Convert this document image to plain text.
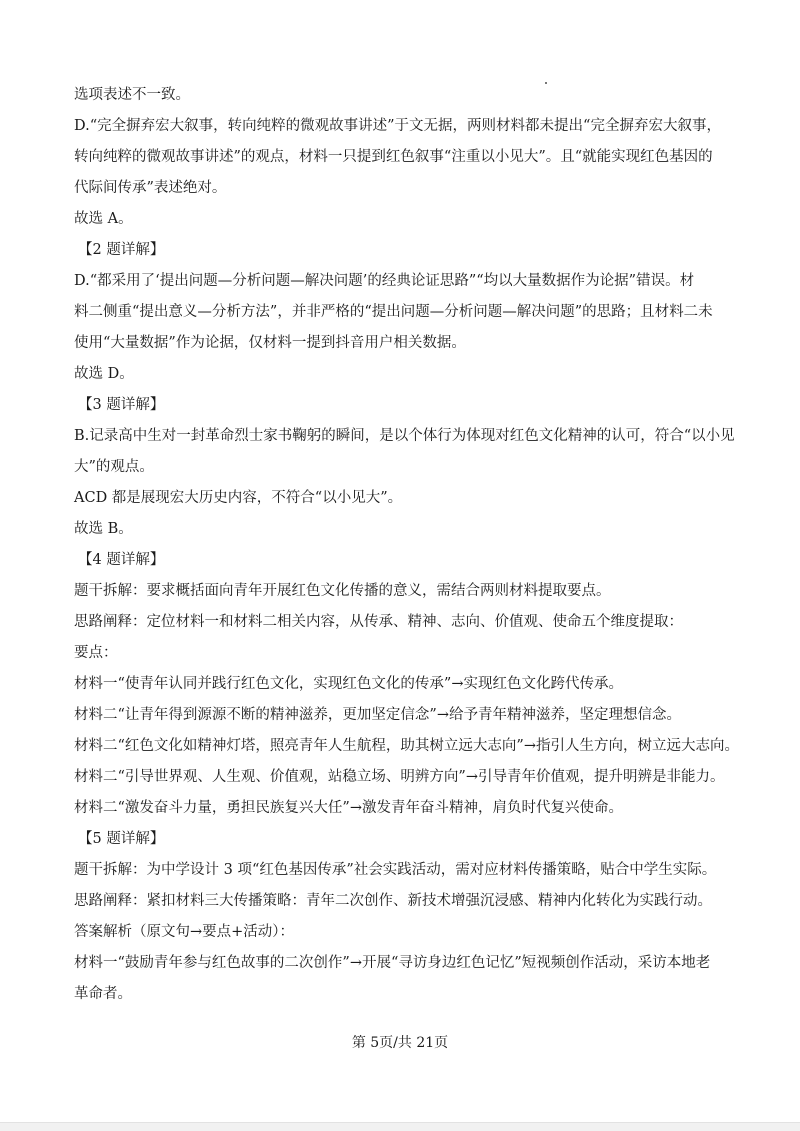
选项表述不一致。
D.“完全摒弃宏大叙事，转向纯粹的微观故事讲述”于文无据，两则材料都未提出“完全摒弃宏大叙事，
转向纯粹的微观故事讲述”的观点，材料一只提到红色叙事“注重以小见大”。且“就能实现红色基因的
代际间传承”表述绝对。
故选 A。
【2 题详解】
D.“都采用了‘提出问题—分析问题—解决问题’的经典论证思路”“均以大量数据作为论据”错误。材
料二侧重“提出意义—分析方法”，并非严格的“提出问题—分析问题—解决问题”的思路；且材料二未
使用“大量数据”作为论据，仅材料一提到抖音用户相关数据。
故选 D。
【3 题详解】
B.记录高中生对一封革命烈士家书鞠躬的瞬间，是以个体行为体现对红色文化精神的认可，符合“以小见
大”的观点。
ACD 都是展现宏大历史内容，不符合“以小见大”。
故选 B。
【4 题详解】
题干拆解：要求概括面向青年开展红色文化传播的意义，需结合两则材料提取要点。
思路阐释：定位材料一和材料二相关内容，从传承、精神、志向、价值观、使命五个维度提取：
要点：
材料一“使青年认同并践行红色文化，实现红色文化的传承”→实现红色文化跨代传承。
材料二“让青年得到源源不断的精神滋养，更加坚定信念”→给予青年精神滋养，坚定理想信念。
材料二“红色文化如精神灯塔，照亮青年人生航程，助其树立远大志向”→指引人生方向，树立远大志向。
材料二“引导世界观、人生观、价值观，站稳立场、明辨方向”→引导青年价值观，提升明辨是非能力。
材料二“激发奋斗力量，勇担民族复兴大任”→激发青年奋斗精神，肩负时代复兴使命。
【5 题详解】
题干拆解：为中学设计 3 项“红色基因传承”社会实践活动，需对应材料传播策略，贴合中学生实际。
思路阐释：紧扣材料三大传播策略：青年二次创作、新技术增强沉浸感、精神内化转化为实践行动。
答案解析（原文句→要点+活动）：
材料一“鼓励青年参与红色故事的二次创作”→开展“寻访身边红色记忆”短视频创作活动，采访本地老
革命者。
第 5页/共 21页
